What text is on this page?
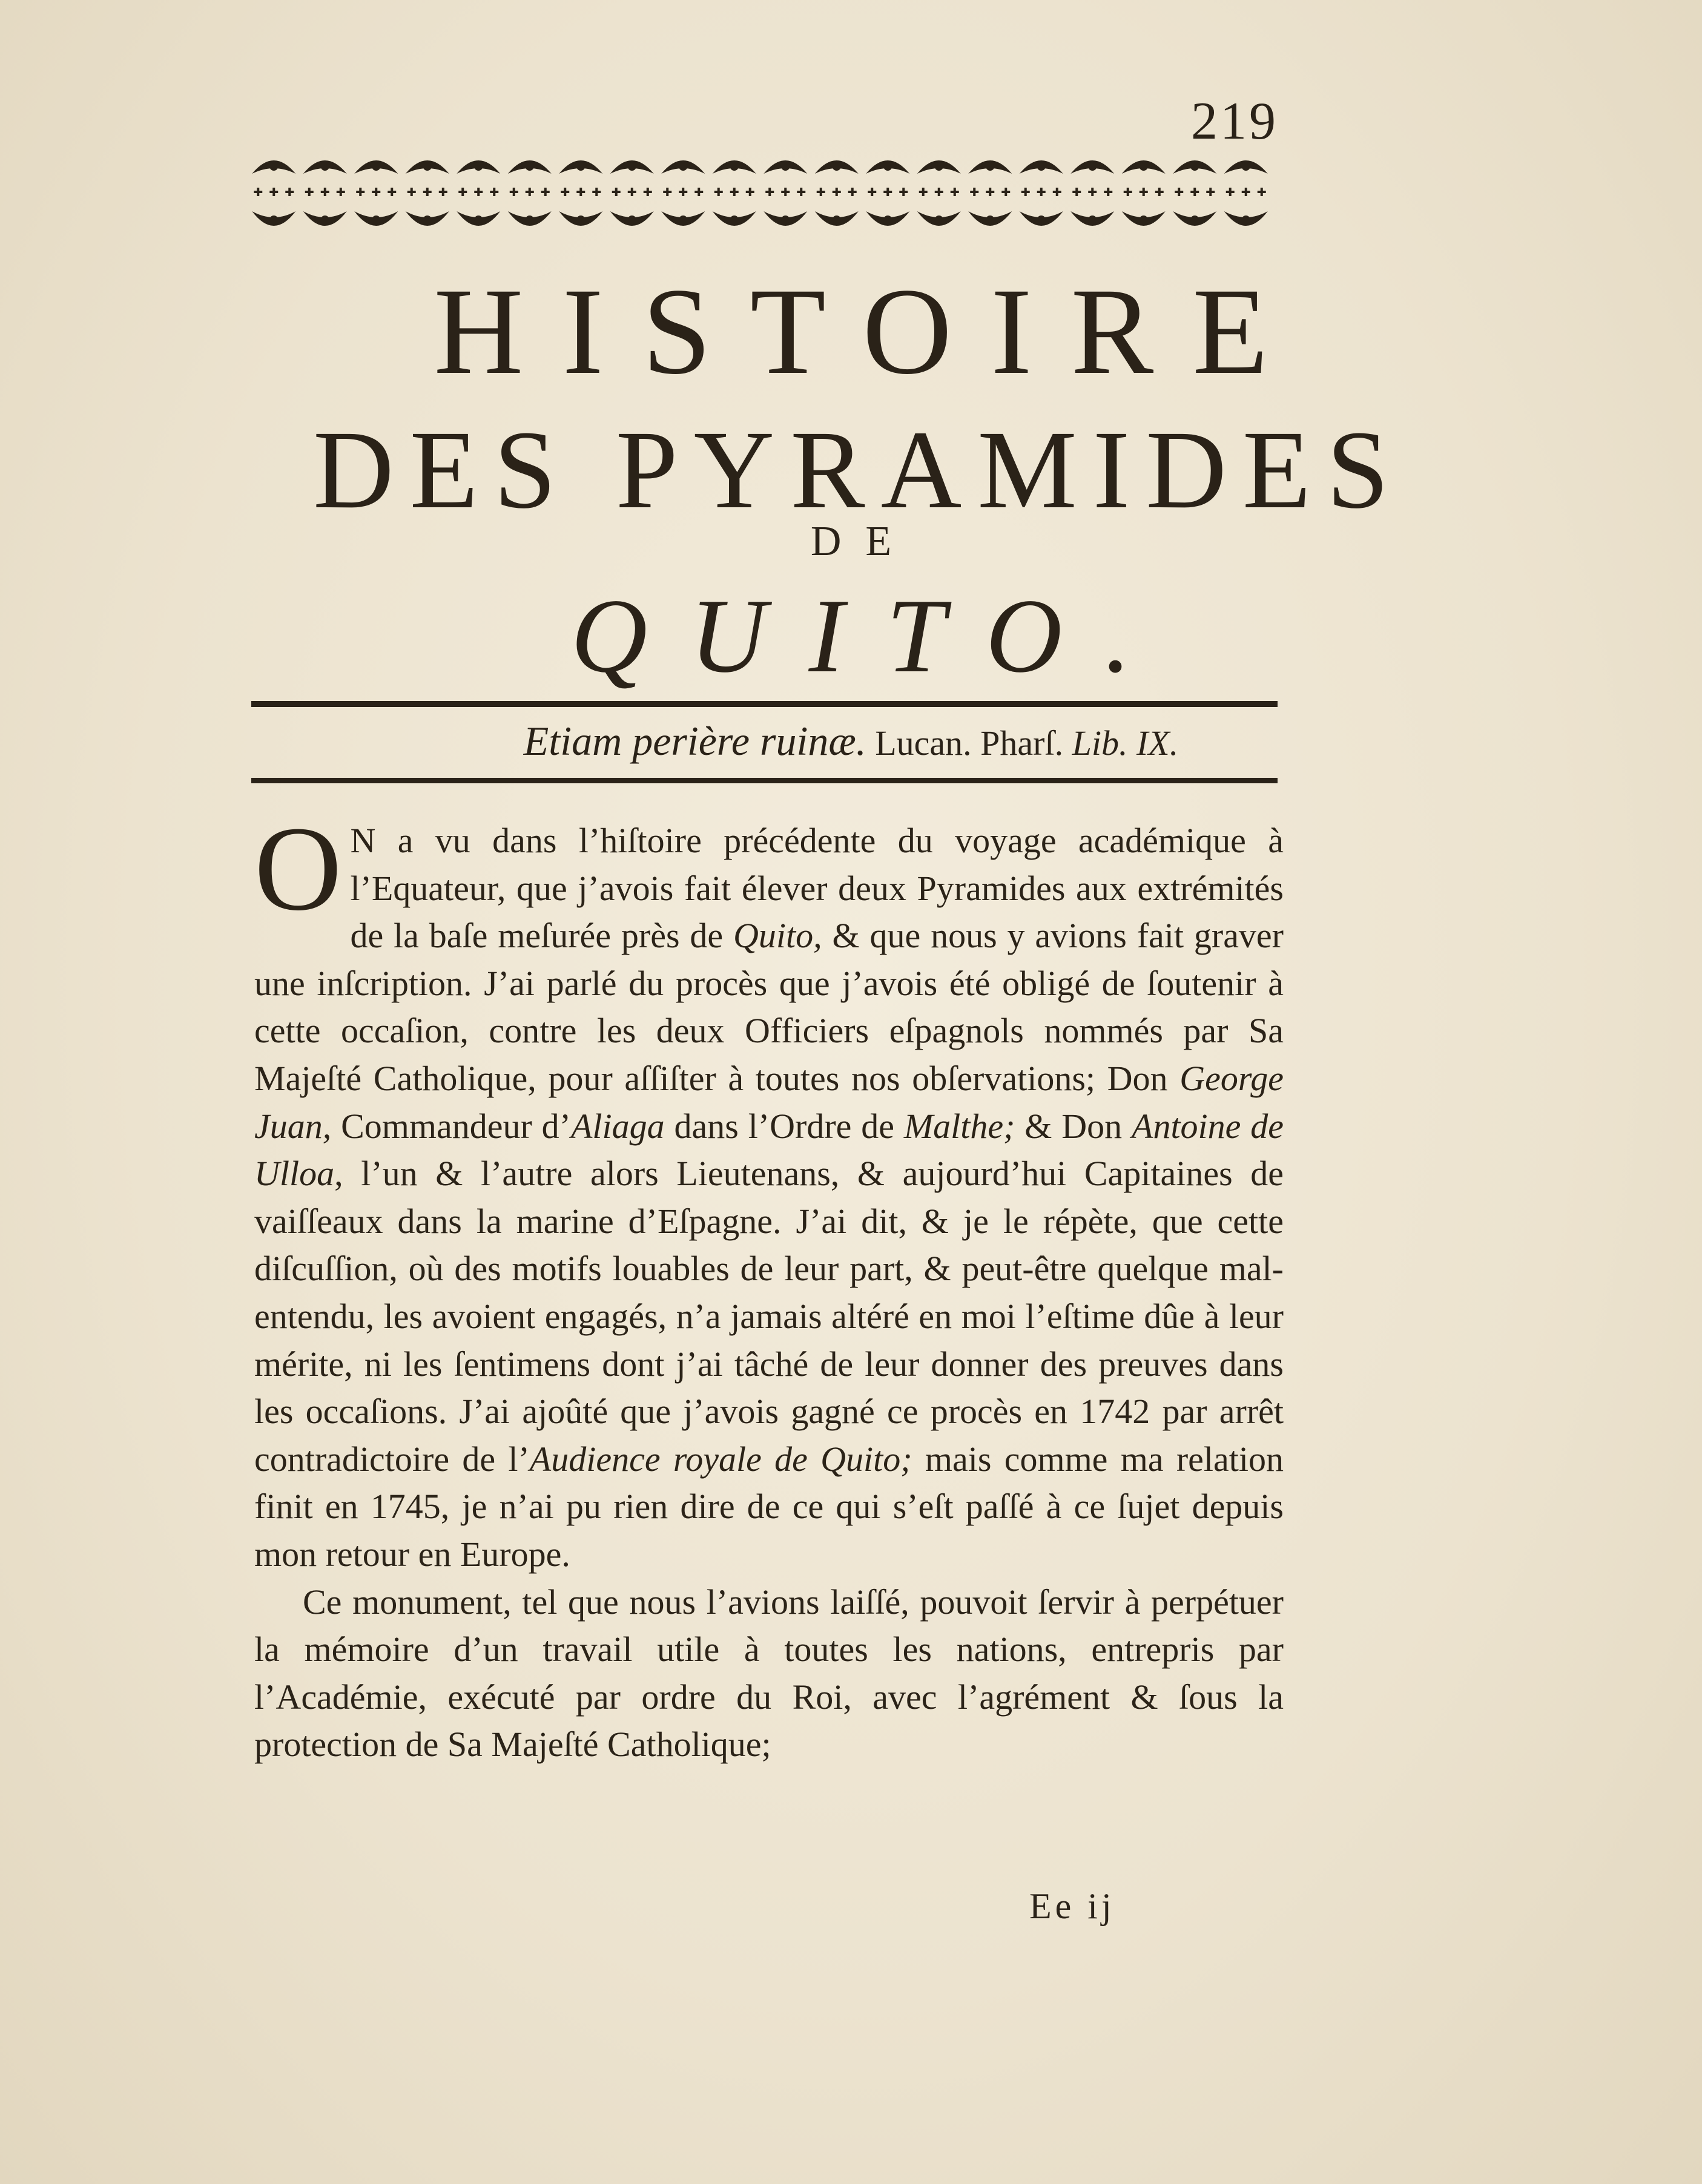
219
HISTOIRE
DES PYRAMIDES
DE
QUITO.
Etiam perière ruinæ. Lucan. Pharſ. Lib. IX.

O N a vu dans l’hiſtoire précédente du voyage académique à l’Equateur, que j’avois fait élever deux Pyramides aux extrémités de la baſe meſurée près de Quito, & que nous y avions fait graver une inſcription. J’ai parlé du procès que j’avois été obligé de ſoutenir à cette occaſion, contre les deux Officiers eſpagnols nommés par Sa Majeſté Catholique, pour aſſiſter à toutes nos obſervations; Don George Juan, Commandeur d’Aliaga dans l’Ordre de Malthe; & Don Antoine de Ulloa, l’un & l’autre alors Lieutenans, & aujourd’hui Capitaines de vaiſſeaux dans la marine d’Eſpagne. J’ai dit, & je le répète, que cette diſcuſſion, où des motifs louables de leur part, & peut-être quelque mal-entendu, les avoient engagés, n’a jamais altéré en moi l’eſtime dûe à leur mérite, ni les ſentimens dont j’ai tâché de leur donner des preuves dans les occaſions. J’ai ajoûté que j’avois gagné ce procès en 1742 par arrêt contradictoire de l’Audience royale de Quito; mais comme ma relation finit en 1745, je n’ai pu rien dire de ce qui s’eſt paſſé à ce ſujet depuis mon retour en Europe.

Ce monument, tel que nous l’avions laiſſé, pouvoit ſervir à perpétuer la mémoire d’un travail utile à toutes les nations, entrepris par l’Académie, exécuté par ordre du Roi, avec l’agrément & ſous la protection de Sa Majeſté Catholique;

Ee ij
